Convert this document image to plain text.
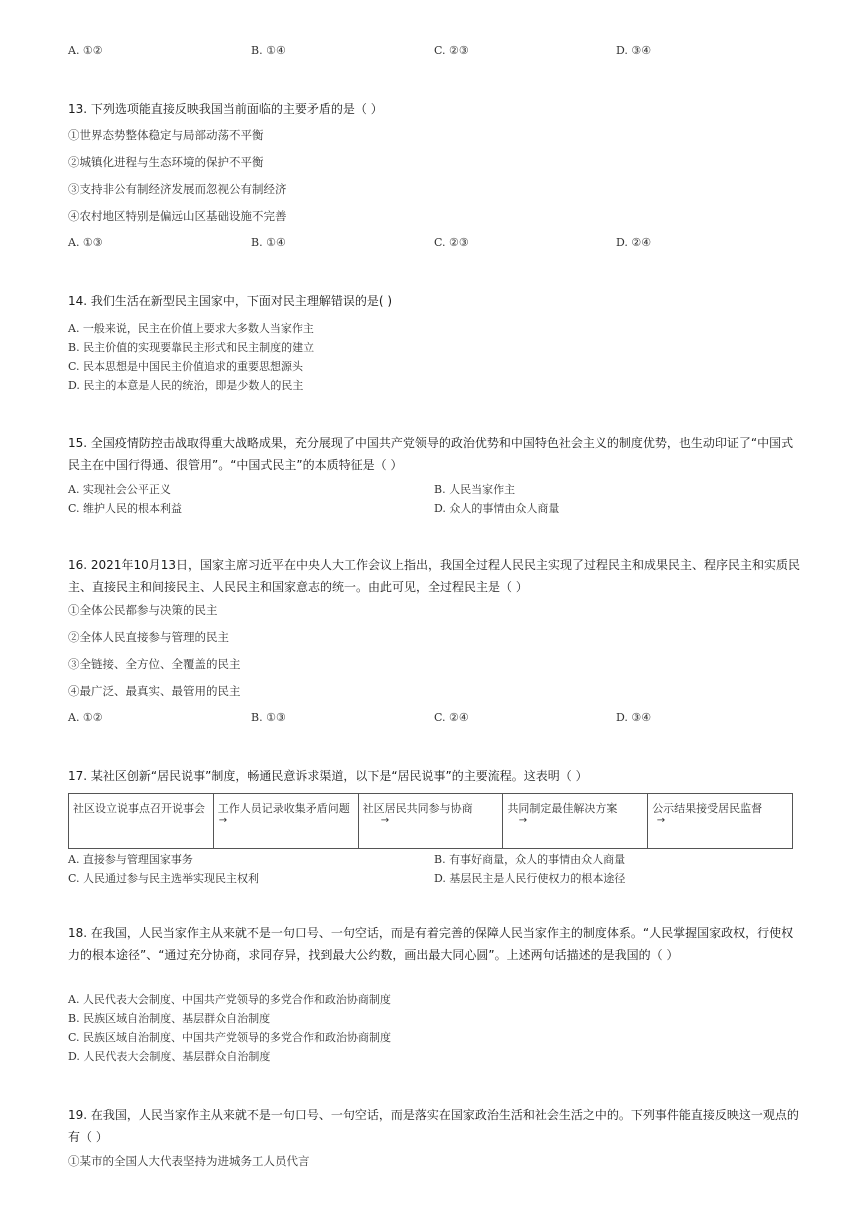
A. ①②	B. ①④	C. ②③	D. ③④
13. 下列选项能直接反映我国当前面临的主要矛盾的是（ ）
①世界态势整体稳定与局部动荡不平衡
②城镇化进程与生态环境的保护不平衡
③支持非公有制经济发展而忽视公有制经济
④农村地区特别是偏远山区基础设施不完善
A. ①③	B. ①④	C. ②③	D. ②④
14. 我们生活在新型民主国家中，下面对民主理解错误的是( )
A. 一般来说，民主在价值上要求大多数人当家作主
B. 民主价值的实现要靠民主形式和民主制度的建立
C. 民本思想是中国民主价值追求的重要思想源头
D. 民主的本意是人民的统治，即是少数人的民主
15. 全国疫情防控击战取得重大战略成果，充分展现了中国共产党领导的政治优势和中国特色社会主义的制度优势，也生动印证了“中国式民主在中国行得通、很管用”。“中国式民主”的本质特征是（ ）
A. 实现社会公平正义	B. 人民当家作主
C. 维护人民的根本利益	D. 众人的事情由众人商量
16. 2021年10月13日，国家主席习近平在中央人大工作会议上指出，我国全过程人民民主实现了过程民主和成果民主、程序民主和实质民主、直接民主和间接民主、人民民主和国家意志的统一。由此可见，全过程民主是（ ）
①全体公民都参与决策的民主
②全体人民直接参与管理的民主
③全链接、全方位、全覆盖的民主
④最广泛、最真实、最管用的民主
A. ①②	B. ①③	C. ②④	D. ③④
17. 某社区创新“居民说事”制度，畅通民意诉求渠道，以下是“居民说事”的主要流程。这表明（ ）
社区设立说事点召开说事会	工作人员记录收集矛盾问题	社区居民共同参与协商	共同制定最佳解决方案	公示结果接受居民监督
→	→	→	→
A. 直接参与管理国家事务	B. 有事好商量，众人的事情由众人商量
C. 人民通过参与民主选举实现民主权利	D. 基层民主是人民行使权力的根本途径
18. 在我国，人民当家作主从来就不是一句口号、一句空话，而是有着完善的保障人民当家作主的制度体系。“人民掌握国家政权，行使权力的根本途径”、“通过充分协商，求同存异，找到最大公约数，画出最大同心圆”。上述两句话描述的是我国的（ ）
A. 人民代表大会制度、中国共产党领导的多党合作和政治协商制度
B. 民族区域自治制度、基层群众自治制度
C. 民族区域自治制度、中国共产党领导的多党合作和政治协商制度
D. 人民代表大会制度、基层群众自治制度
19. 在我国，人民当家作主从来就不是一句口号、一句空话，而是落实在国家政治生活和社会生活之中的。下列事件能直接反映这一观点的有（ ）
①某市的全国人大代表坚持为进城务工人员代言
